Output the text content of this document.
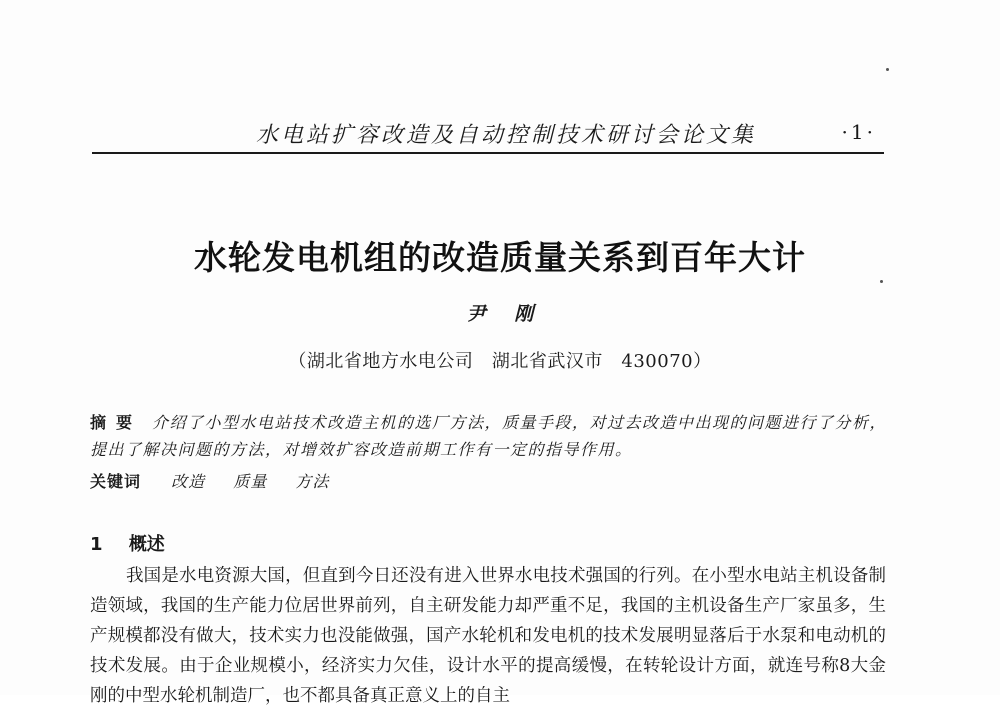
水电站扩容改造及自动控制技术研讨会论文集	·1·
水轮发电机组的改造质量关系到百年大计
尹 刚
（湖北省地方水电公司　湖北省武汉市　430070）

摘要 介绍了小型水电站技术改造主机的选厂方法，质量手段，对过去改造中出现的问题进行了分析，提出了解决问题的方法，对增效扩容改造前期工作有一定的指导作用。

关键词 改造 质量 方法
1 概述

我国是水电资源大国，但直到今日还没有进入世界水电技术强国的行列。在小型水电站主机设备制造领域，我国的生产能力位居世界前列，自主研发能力却严重不足，我国的主机设备生产厂家虽多，生产规模都没有做大，技术实力也没能做强，国产水轮机和发电机的技术发展明显落后于水泵和电动机的技术发展。由于企业规模小，经济实力欠佳，设计水平的提高缓慢，在转轮设计方面，就连号称8大金刚的中型水轮机制造厂，也不都具备真正意义上的自主
